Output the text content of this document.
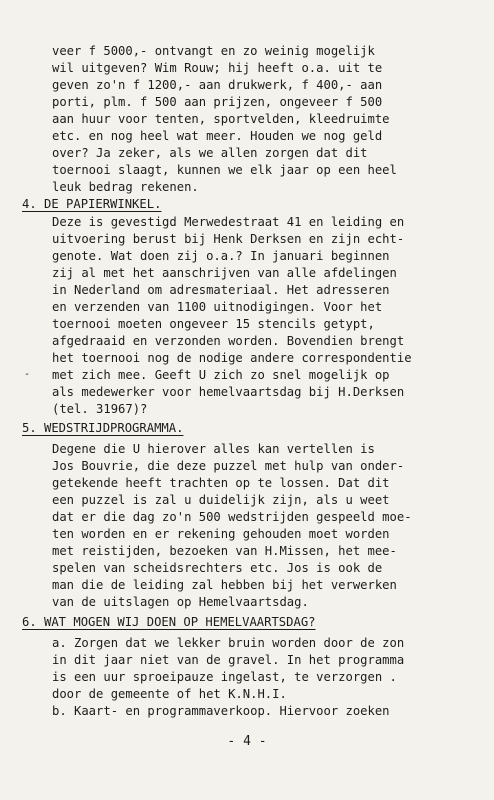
veer f 5000,- ontvangt en zo weinig mogelijk
wil uitgeven? Wim Rouw; hij heeft o.a. uit te
geven zo'n f 1200,- aan drukwerk, f 400,- aan
porti, plm. f 500 aan prijzen, ongeveer f 500
aan huur voor tenten, sportvelden, kleedruimte
etc. en nog heel wat meer. Houden we nog geld
over? Ja zeker, als we allen zorgen dat dit
toernooi slaagt, kunnen we elk jaar op een heel
leuk bedrag rekenen.
4. DE PAPIERWINKEL.
Deze is gevestigd Merwedestraat 41 en leiding en
uitvoering berust bij Henk Derksen en zijn echt-
genote. Wat doen zij o.a.? In januari beginnen
zij al met het aanschrijven van alle afdelingen
in Nederland om adresmateriaal. Het adresseren
en verzenden van 1100 uitnodigingen. Voor het
toernooi moeten ongeveer 15 stencils getypt,
afgedraaid en verzonden worden. Bovendien brengt
het toernooi nog de nodige andere correspondentie
- met zich mee. Geeft U zich zo snel mogelijk op
als medewerker voor hemelvaartsdag bij H.Derksen
(tel. 31967)?
5. WEDSTRIJDPROGRAMMA.
Degene die U hierover alles kan vertellen is
Jos Bouvrie, die deze puzzel met hulp van onder-
getekende heeft trachten op te lossen. Dat dit
een puzzel is zal u duidelijk zijn, als u weet
dat er die dag zo'n 500 wedstrijden gespeeld moe-
ten worden en er rekening gehouden moet worden
met reistijden, bezoeken van H.Missen, het mee-
spelen van scheidsrechters etc. Jos is ook de
man die de leiding zal hebben bij het verwerken
van de uitslagen op Hemelvaartsdag.
6. WAT MOGEN WIJ DOEN OP HEMELVAARTSDAG?
a. Zorgen dat we lekker bruin worden door de zon
in dit jaar niet van de gravel. In het programma
is een uur sproeipauze ingelast, te verzorgen .
door de gemeente of het K.N.H.I.
b. Kaart- en programmaverkoop. Hiervoor zoeken
- 4 -
